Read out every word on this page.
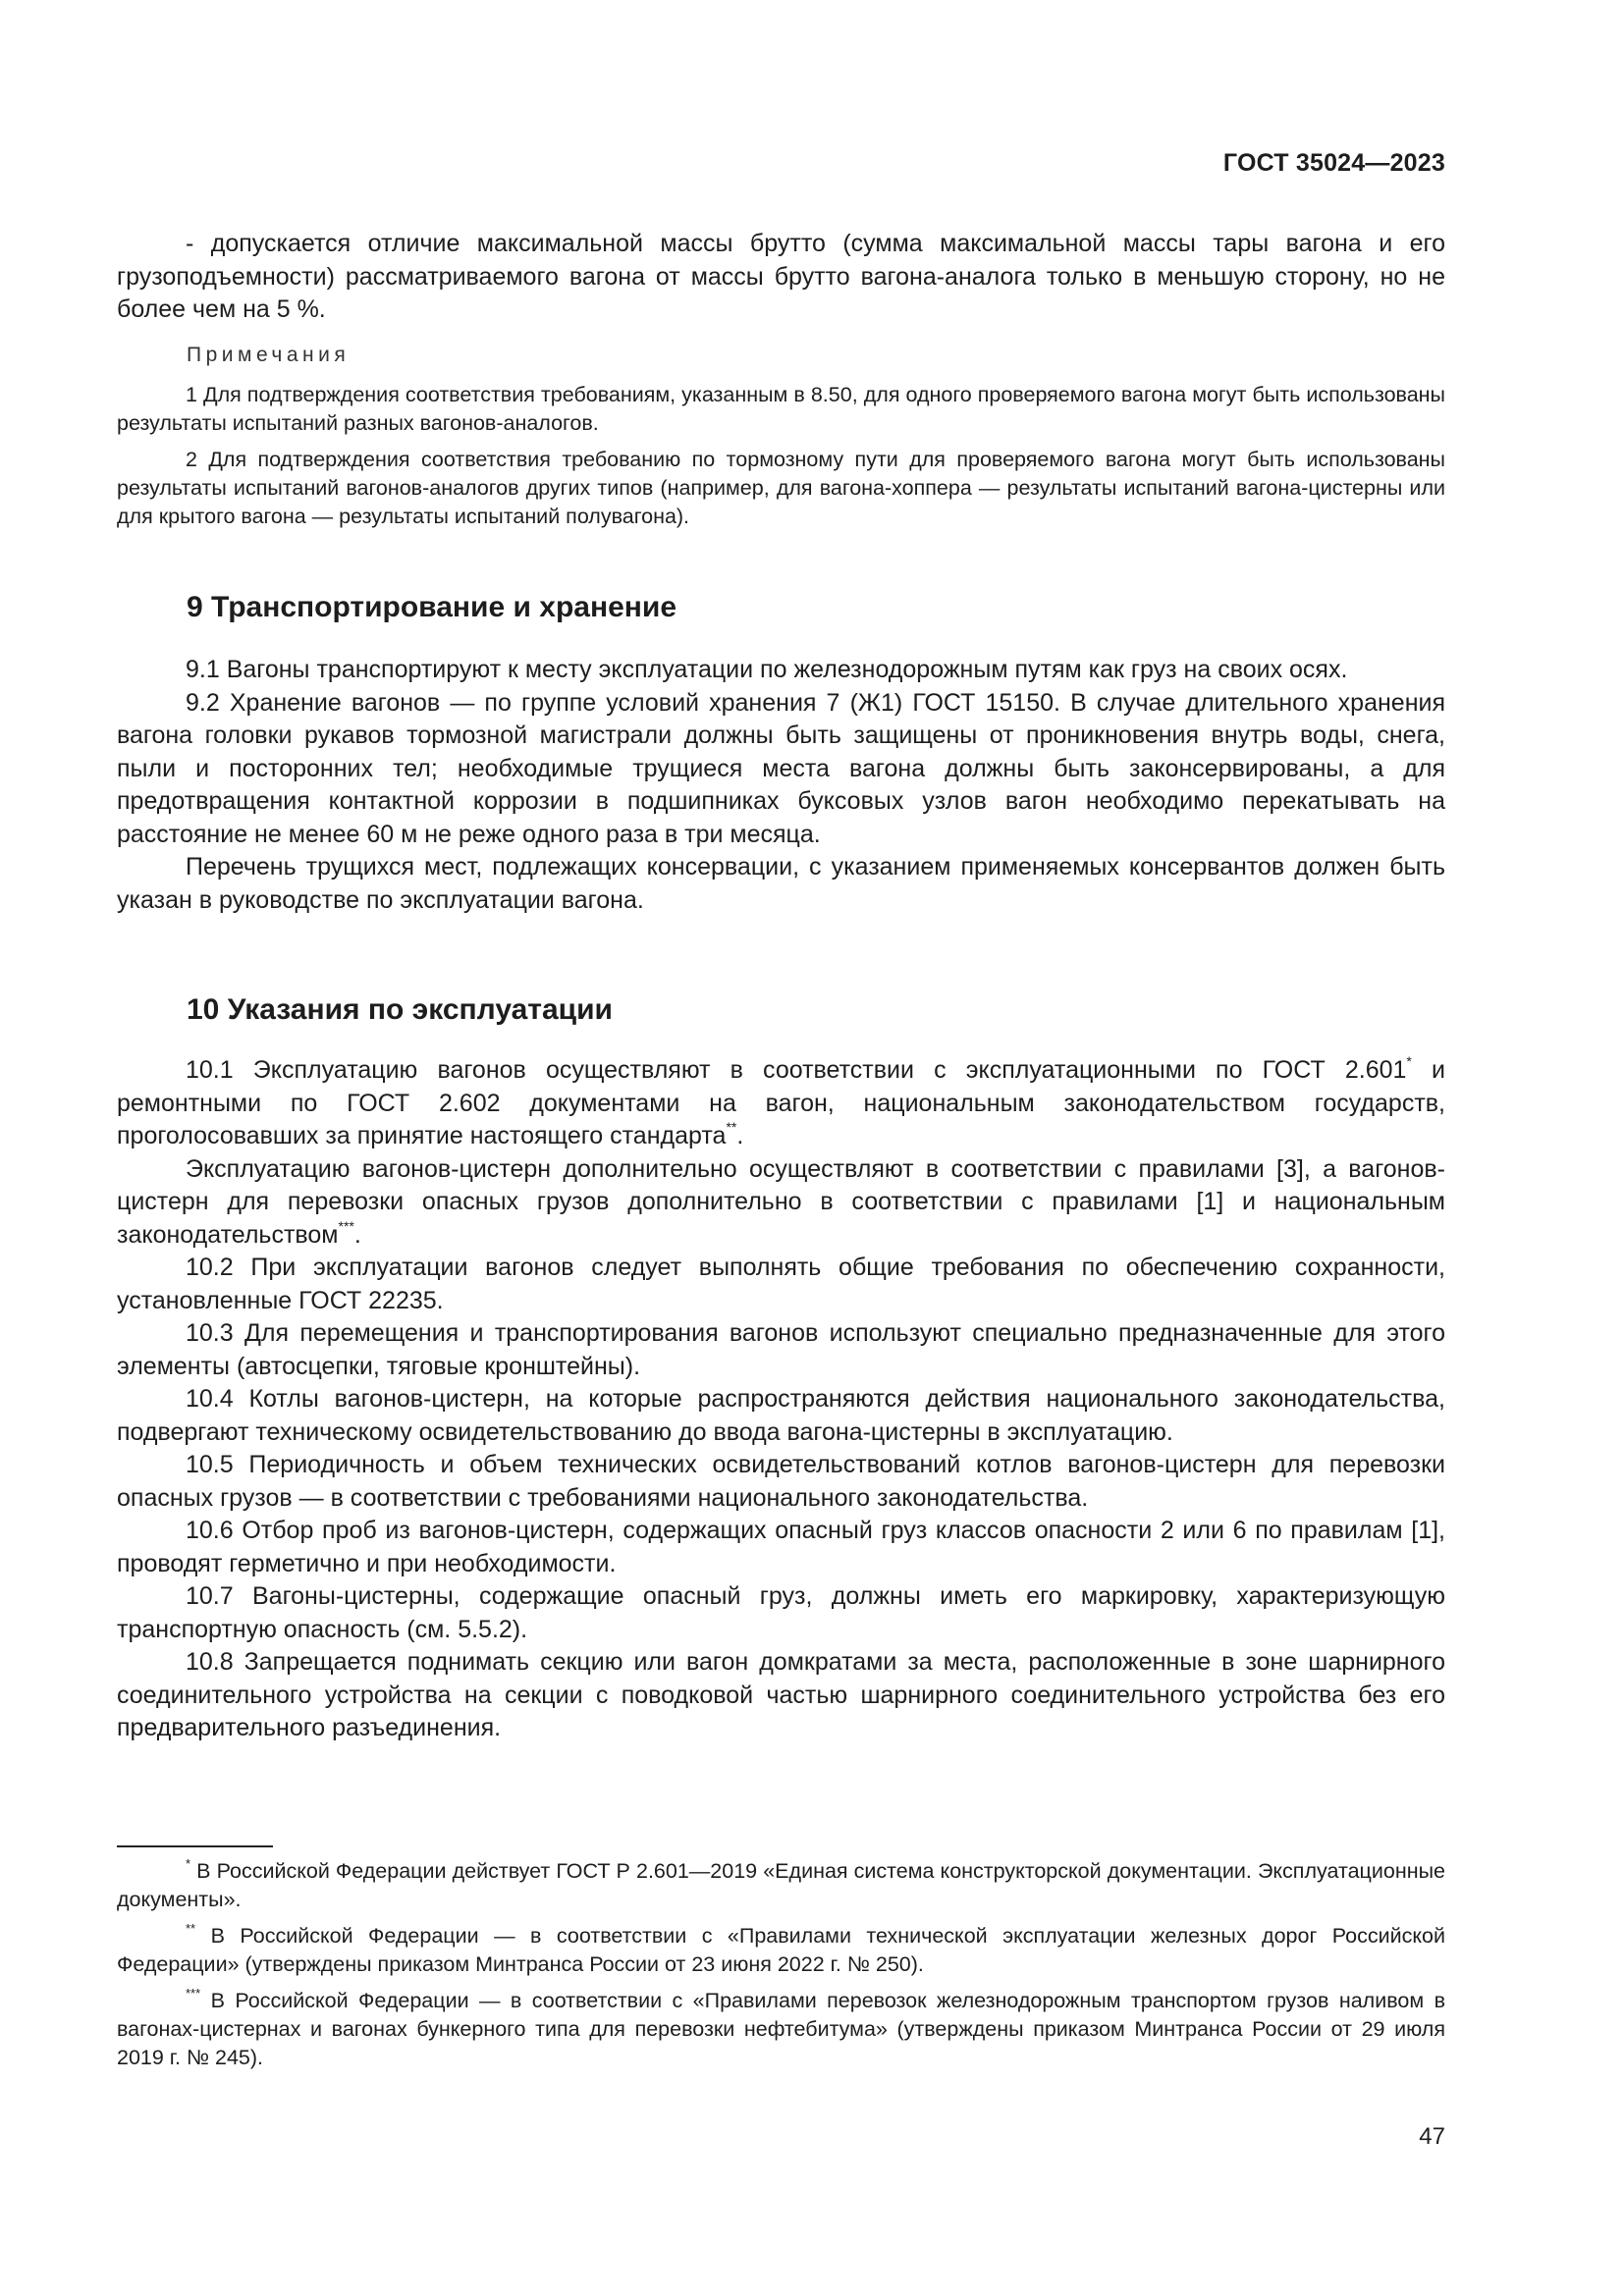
ГОСТ 35024—2023

- допускается отличие максимальной массы брутто (сумма максимальной массы тары вагона и его грузоподъемности) рассматриваемого вагона от массы брутто вагона-аналога только в меньшую сторону, но не более чем на 5 %.

Примечания

1 Для подтверждения соответствия требованиям, указанным в 8.50, для одного проверяемого вагона могут быть использованы результаты испытаний разных вагонов-аналогов.

2 Для подтверждения соответствия требованию по тормозному пути для проверяемого вагона могут быть использованы результаты испытаний вагонов-аналогов других типов (например, для вагона-хоппера — результаты испытаний вагона-цистерны или для крытого вагона — результаты испытаний полувагона).

9 Транспортирование и хранение

9.1 Вагоны транспортируют к месту эксплуатации по железнодорожным путям как груз на своих осях.

9.2 Хранение вагонов — по группе условий хранения 7 (Ж1) ГОСТ 15150. В случае длительного хранения вагона головки рукавов тормозной магистрали должны быть защищены от проникновения внутрь воды, снега, пыли и посторонних тел; необходимые трущиеся места вагона должны быть законсервированы, а для предотвращения контактной коррозии в подшипниках буксовых узлов вагон необходимо перекатывать на расстояние не менее 60 м не реже одного раза в три месяца.

Перечень трущихся мест, подлежащих консервации, с указанием применяемых консервантов должен быть указан в руководстве по эксплуатации вагона.

10 Указания по эксплуатации

10.1 Эксплуатацию вагонов осуществляют в соответствии с эксплуатационными по ГОСТ 2.601* и ремонтными по ГОСТ 2.602 документами на вагон, национальным законодательством государств, проголосовавших за принятие настоящего стандарта**.

Эксплуатацию вагонов-цистерн дополнительно осуществляют в соответствии с правилами [3], а вагонов-цистерн для перевозки опасных грузов дополнительно в соответствии с правилами [1] и национальным законодательством***.

10.2 При эксплуатации вагонов следует выполнять общие требования по обеспечению сохранности, установленные ГОСТ 22235.

10.3 Для перемещения и транспортирования вагонов используют специально предназначенные для этого элементы (автосцепки, тяговые кронштейны).

10.4 Котлы вагонов-цистерн, на которые распространяются действия национального законодательства, подвергают техническому освидетельствованию до ввода вагона-цистерны в эксплуатацию.

10.5 Периодичность и объем технических освидетельствований котлов вагонов-цистерн для перевозки опасных грузов — в соответствии с требованиями национального законодательства.

10.6 Отбор проб из вагонов-цистерн, содержащих опасный груз классов опасности 2 или 6 по правилам [1], проводят герметично и при необходимости.

10.7 Вагоны-цистерны, содержащие опасный груз, должны иметь его маркировку, характеризующую транспортную опасность (см. 5.5.2).

10.8 Запрещается поднимать секцию или вагон домкратами за места, расположенные в зоне шарнирного соединительного устройства на секции с поводковой частью шарнирного соединительного устройства без его предварительного разъединения.

* В Российской Федерации действует ГОСТ Р 2.601—2019 «Единая система конструкторской документации. Эксплуатационные документы».

** В Российской Федерации — в соответствии с «Правилами технической эксплуатации железных дорог Российской Федерации» (утверждены приказом Минтранса России от 23 июня 2022 г. № 250).

*** В Российской Федерации — в соответствии с «Правилами перевозок железнодорожным транспортом грузов наливом в вагонах-цистернах и вагонах бункерного типа для перевозки нефтебитума» (утверждены приказом Минтранса России от 29 июля 2019 г. № 245).

47
